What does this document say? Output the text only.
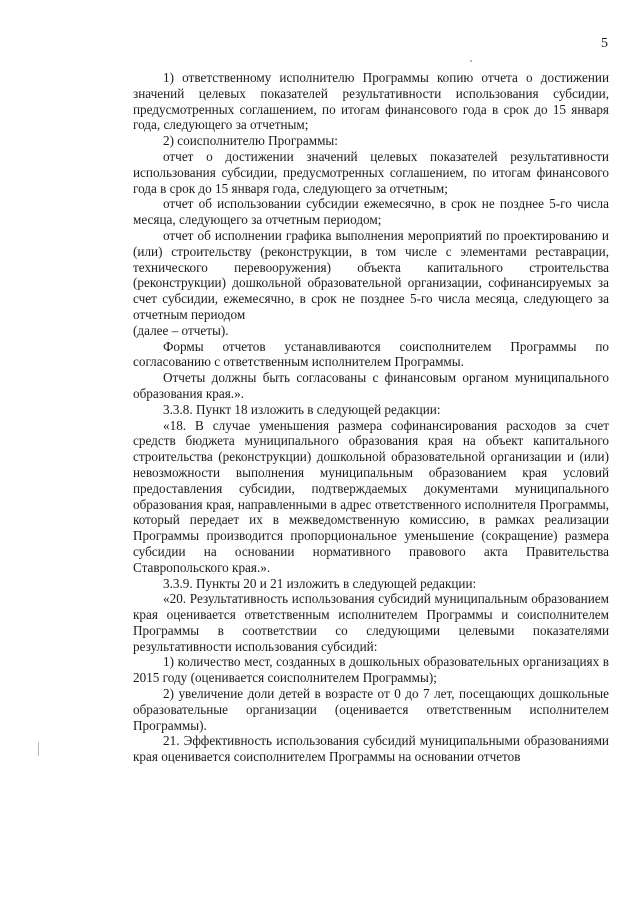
5

1) ответственному исполнителю Программы копию отчета о достижении значений целевых показателей результативности использования субсидии, предусмотренных соглашением, по итогам финансового года в срок до 15 января года, следующего за отчетным;

2) соисполнителю Программы:

отчет о достижении значений целевых показателей результативности использования субсидии, предусмотренных соглашением, по итогам финансового года в срок до 15 января года, следующего за отчетным;

отчет об использовании субсидии ежемесячно, в срок не позднее 5-го числа месяца, следующего за отчетным периодом;

отчет об исполнении графика выполнения мероприятий по проектированию и (или) строительству (реконструкции, в том числе с элементами реставрации, технического перевооружения) объекта капитального строительства (реконструкции) дошкольной образовательной организации, софинансируемых за счет субсидии, ежемесячно, в срок не позднее 5-го числа месяца, следующего за отчетным периодом

(далее – отчеты).

Формы отчетов устанавливаются соисполнителем Программы по согласованию с ответственным исполнителем Программы.

Отчеты должны быть согласованы с финансовым органом муниципального образования края.».

3.3.8. Пункт 18 изложить в следующей редакции:

«18. В случае уменьшения размера софинансирования расходов за счет средств бюджета муниципального образования края на объект капитального строительства (реконструкции) дошкольной образовательной организации и (или) невозможности выполнения муниципальным образованием края условий предоставления субсидии, подтверждаемых документами муниципального образования края, направленными в адрес ответственного исполнителя Программы, который передает их в межведомственную комиссию, в рамках реализации Программы производится пропорциональное уменьшение (сокращение) размера субсидии на основании нормативного правового акта Правительства Ставропольского края.».

3.3.9. Пункты 20 и 21 изложить в следующей редакции:

«20. Результативность использования субсидий муниципальным образованием края оценивается ответственным исполнителем Программы и соисполнителем Программы в соответствии со следующими целевыми показателями результативности использования субсидий:

1) количество мест, созданных в дошкольных образовательных организациях в 2015 году (оценивается соисполнителем Программы);

2) увеличение доли детей в возрасте от 0 до 7 лет, посещающих дошкольные образовательные организации (оценивается ответственным исполнителем Программы).

21. Эффективность использования субсидий муниципальными образованиями края оценивается соисполнителем Программы на основании отчетов
